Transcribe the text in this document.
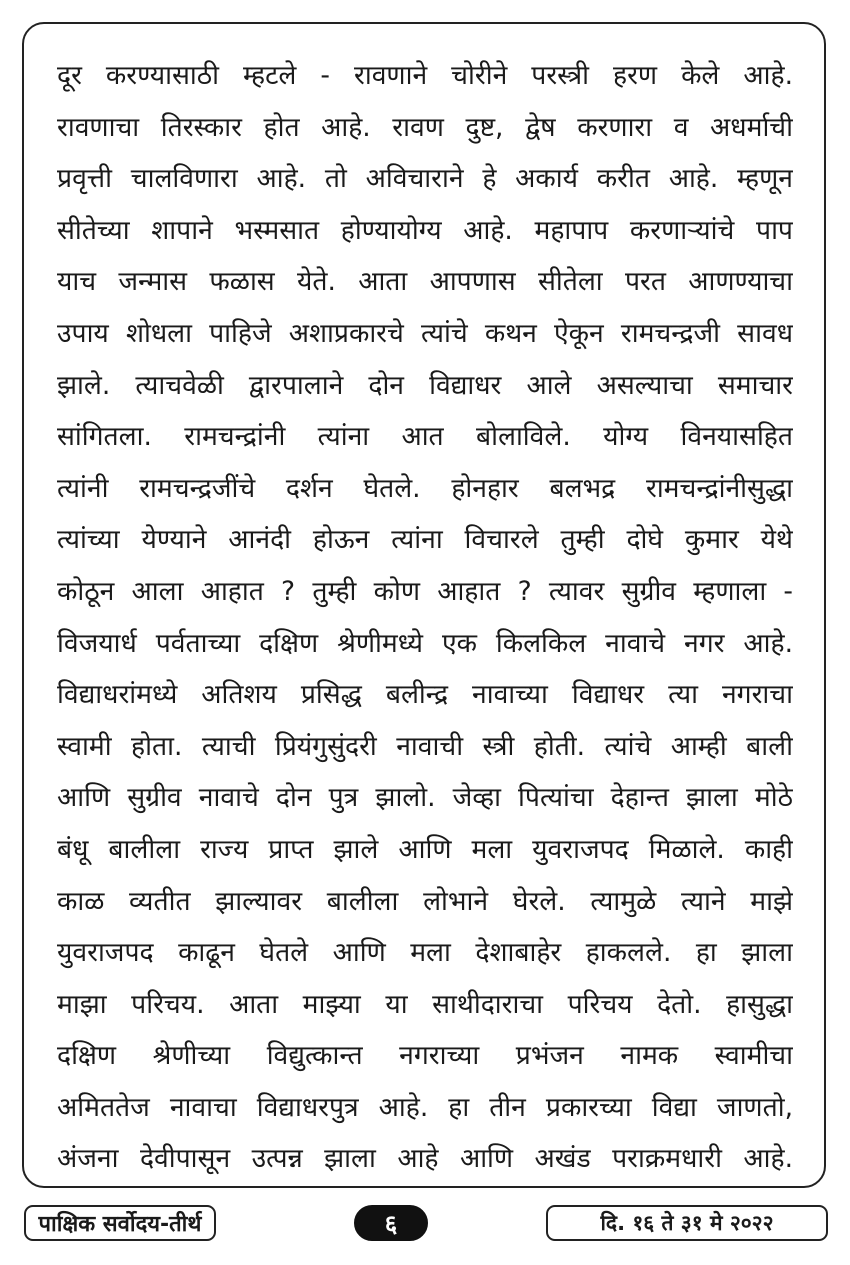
दूर करण्यासाठी म्हटले - रावणाने चोरीने परस्त्री हरण केले आहे.
रावणाचा तिरस्कार होत आहे. रावण दुष्ट, द्वेष करणारा व अधर्माची
प्रवृत्ती चालविणारा आहे. तो अविचाराने हे अकार्य करीत आहे. म्हणून
सीतेच्या शापाने भस्मसात होण्यायोग्य आहे. महापाप करणाऱ्यांचे पाप
याच जन्मास फळास येते. आता आपणास सीतेला परत आणण्याचा
उपाय शोधला पाहिजे अशाप्रकारचे त्यांचे कथन ऐकून रामचन्द्रजी सावध
झाले. त्याचवेळी द्वारपालाने दोन विद्याधर आले असल्याचा समाचार
सांगितला. रामचन्द्रांनी त्यांना आत बोलाविले. योग्य विनयासहित
त्यांनी रामचन्द्रजींचे दर्शन घेतले. होनहार बलभद्र रामचन्द्रांनीसुद्धा
त्यांच्या येण्याने आनंदी होऊन त्यांना विचारले तुम्ही दोघे कुमार येथे
कोठून आला आहात ? तुम्ही कोण आहात ? त्यावर सुग्रीव म्हणाला -
विजयार्ध पर्वताच्या दक्षिण श्रेणीमध्ये एक किलकिल नावाचे नगर आहे.
विद्याधरांमध्ये अतिशय प्रसिद्ध बलीन्द्र नावाच्या विद्याधर त्या नगराचा
स्वामी होता. त्याची प्रियंगुसुंदरी नावाची स्त्री होती. त्यांचे आम्ही बाली
आणि सुग्रीव नावाचे दोन पुत्र झालो. जेव्हा पित्यांचा देहान्त झाला मोठे
बंधू बालीला राज्य प्राप्त झाले आणि मला युवराजपद मिळाले. काही
काळ व्यतीत झाल्यावर बालीला लोभाने घेरले. त्यामुळे त्याने माझे
युवराजपद काढून घेतले आणि मला देशाबाहेर हाकलले. हा झाला
माझा परिचय. आता माझ्या या साथीदाराचा परिचय देतो. हासुद्धा
दक्षिण श्रेणीच्या विद्युत्कान्त नगराच्या प्रभंजन नामक स्वामीचा
अमिततेज नावाचा विद्याधरपुत्र आहे. हा तीन प्रकारच्या विद्या जाणतो,
अंजना देवीपासून उत्पन्न झाला आहे आणि अखंड पराक्रमधारी आहे.
पाक्षिक सर्वोदय-तीर्थ	६	दि. १६ ते ३१ मे २०२२
